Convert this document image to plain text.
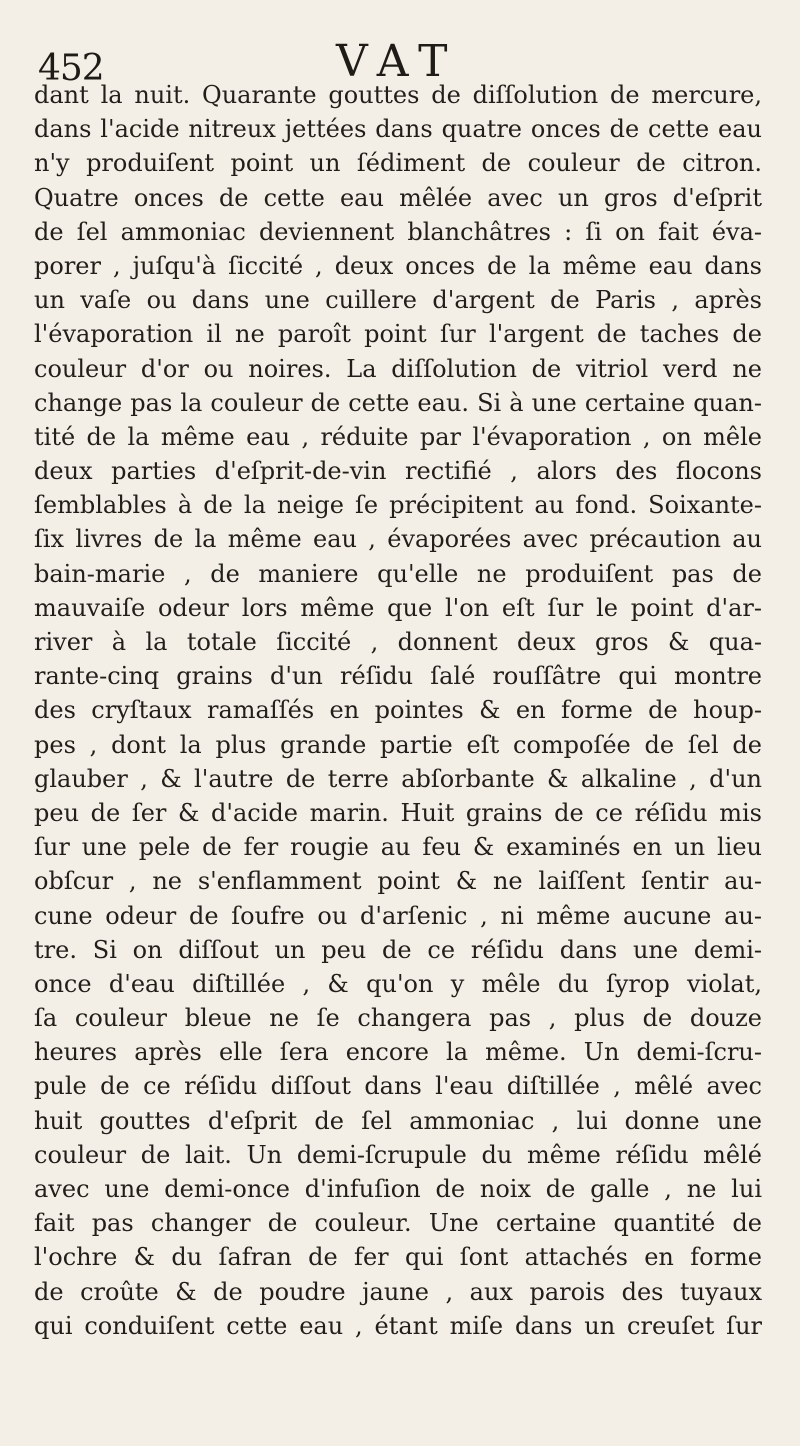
452	VAT
dant la nuit. Quarante gouttes de diſſolution de mercure,
dans l'acide nitreux jettées dans quatre onces de cette eau
n'y produiſent point un ſédiment de couleur de citron.
Quatre onces de cette eau mêlée avec un gros d'eſprit
de ſel ammoniac deviennent blanchâtres : ſi on fait éva-
porer , juſqu'à ſiccité , deux onces de la même eau dans
un vaſe ou dans une cuillere d'argent de Paris , après
l'évaporation il ne paroît point ſur l'argent de taches de
couleur d'or ou noires. La diſſolution de vitriol verd ne
change pas la couleur de cette eau. Si à une certaine quan-
tité de la même eau , réduite par l'évaporation , on mêle
deux parties d'eſprit-de-vin rectifié , alors des flocons
ſemblables à de la neige ſe précipitent au fond. Soixante-
ſix livres de la même eau , évaporées avec précaution au
bain-marie , de maniere qu'elle ne produiſent pas de
mauvaiſe odeur lors même que l'on eſt ſur le point d'ar-
river à la totale ſiccité , donnent deux gros & qua-
rante-cinq grains d'un réſidu ſalé rouſſâtre qui montre
des cryſtaux ramaſſés en pointes & en forme de houp-
pes , dont la plus grande partie eſt compoſée de ſel de
glauber , & l'autre de terre abſorbante & alkaline , d'un
peu de ſer & d'acide marin. Huit grains de ce réſidu mis
ſur une pele de fer rougie au feu & examinés en un lieu
obſcur , ne s'enflamment point & ne laiſſent ſentir au-
cune odeur de ſoufre ou d'arſenic , ni même aucune au-
tre. Si on diſſout un peu de ce réſidu dans une demi-
once d'eau diſtillée , & qu'on y mêle du ſyrop violat,
ſa couleur bleue ne ſe changera pas , plus de douze
heures après elle ſera encore la même. Un demi-ſcru-
pule de ce réſidu diſſout dans l'eau diſtillée , mêlé avec
huit gouttes d'eſprit de ſel ammoniac , lui donne une
couleur de lait. Un demi-ſcrupule du même réſidu mêlé
avec une demi-once d'infuſion de noix de galle , ne lui
fait pas changer de couleur. Une certaine quantité de
l'ochre & du ſafran de fer qui ſont attachés en forme
de croûte & de poudre jaune , aux parois des tuyaux
qui conduiſent cette eau , étant miſe dans un creuſet ſur
